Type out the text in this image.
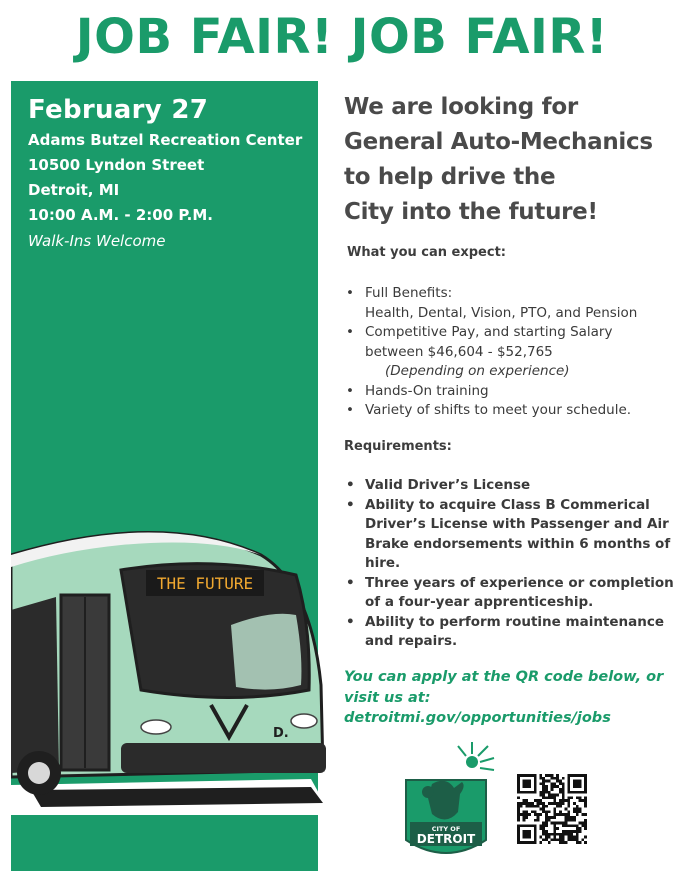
JOB FAIR! JOB FAIR!
February 27
Adams Butzel Recreation Center
10500 Lyndon Street
Detroit, MI
10:00 A.M. - 2:00 P.M.
Walk-Ins Welcome
THE FUTURE
D.
We are looking for
General Auto-Mechanics
to help drive the
City into the future!
What you can expect:
• Full Benefits:
Health, Dental, Vision, PTO, and Pension
• Competitive Pay, and starting Salary
between $46,604 - $52,765
(Depending on experience)
• Hands-On training
• Variety of shifts to meet your schedule.
Requirements:
• Valid Driver’s License
• Ability to acquire Class B Commerical
Driver’s License with Passenger and Air
Brake endorsements within 6 months of
hire.
• Three years of experience or completion
of a four-year apprenticeship.
• Ability to perform routine maintenance
and repairs.
You can apply at the QR code below, or
visit us at:
detroitmi.gov/opportunities/jobs
CITY OF
DETROIT
